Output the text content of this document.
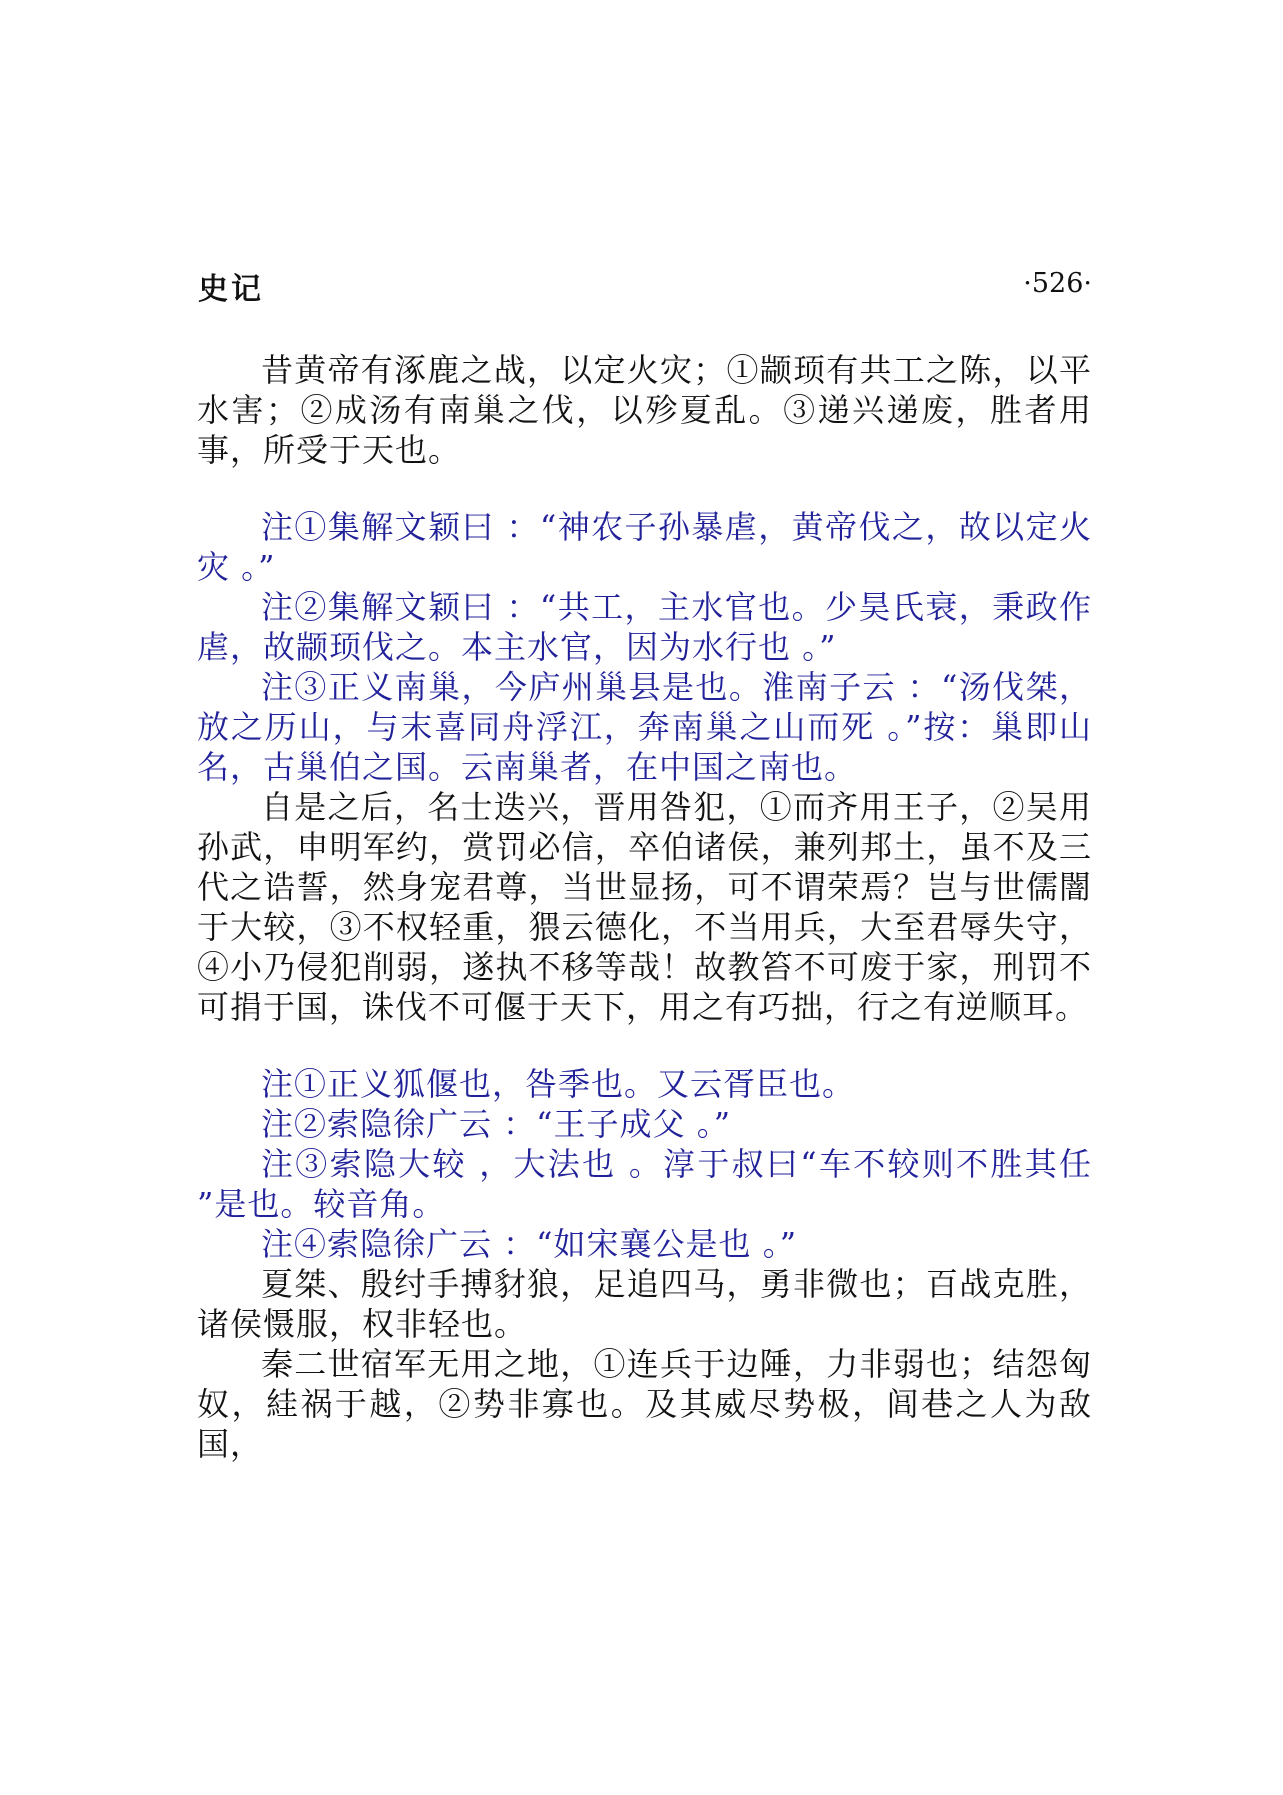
史记	·526·

昔黄帝有涿鹿之战，以定火灾；①颛顼有共工之陈，以平水害；②成汤有南巢之伐，以殄夏乱。③递兴递废，胜者用事，所受于天也。

注①集解文颖曰 ：“神农子孙暴虐，黄帝伐之，故以定火灾 。”

注②集解文颖曰 ：“共工，主水官也。少昊氏衰，秉政作虐，故颛顼伐之。本主水官，因为水行也 。”

注③正义南巢，今庐州巢县是也。淮南子云 ：“汤伐桀，放之历山，与末喜同舟浮江，奔南巢之山而死 。”按：巢即山名，古巢伯之国。云南巢者，在中国之南也。

自是之后，名士迭兴，晋用咎犯，①而齐用王子，②吴用孙武，申明军约，赏罚必信，卒伯诸侯，兼列邦土，虽不及三代之诰誓，然身宠君尊，当世显扬，可不谓荣焉？岂与世儒闇于大较，③不权轻重，猥云德化，不当用兵，大至君辱失守，④小乃侵犯削弱，遂执不移等哉！故教笞不可废于家，刑罚不可捐于国，诛伐不可偃于天下，用之有巧拙，行之有逆顺耳。

注①正义狐偃也，咎季也。又云胥臣也。

注②索隐徐广云 ：“王子成父 。”

注③索隐大较 ，大法也 。淳于叔曰“车不较则不胜其任 ”是也。较音角。

注④索隐徐广云 ：“如宋襄公是也 。”

夏桀、殷纣手搏豺狼，足追四马，勇非微也；百战克胜，诸侯慑服，权非轻也。

秦二世宿军无用之地，①连兵于边陲，力非弱也；结怨匈奴，絓祸于越，②势非寡也。及其威尽势极，闾巷之人为敌国，
